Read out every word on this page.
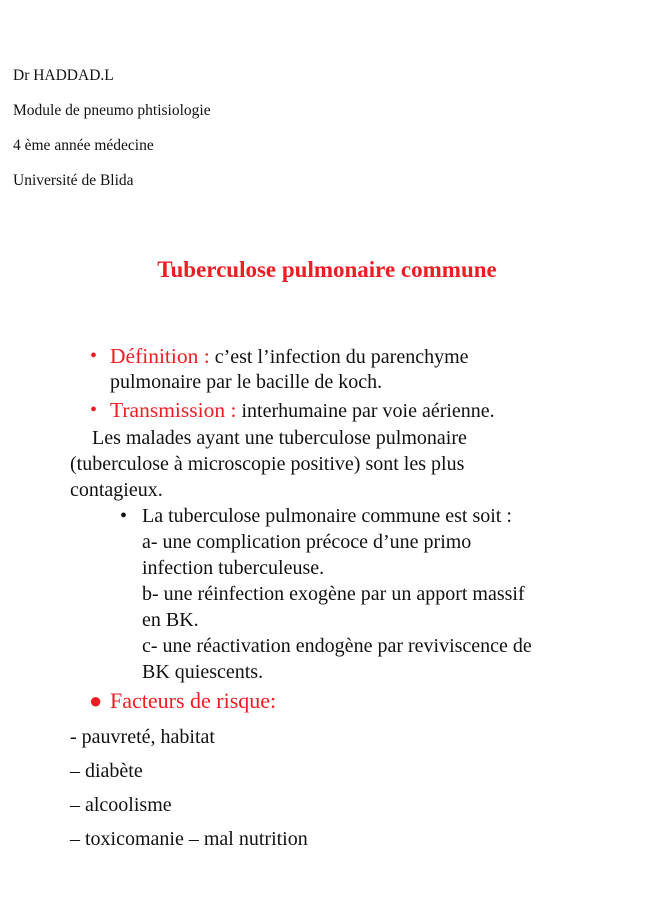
Dr HADDAD.L
Module de pneumo phtisiologie
4 ème année médecine
Université de Blida
Tuberculose pulmonaire commune
• Définition : c’est l’infection du parenchyme
pulmonaire par le bacille de koch.
• Transmission : interhumaine par voie aérienne.
Les malades ayant une tuberculose pulmonaire
(tuberculose à microscopie positive) sont les plus
contagieux.
• La tuberculose pulmonaire commune est soit :
a- une complication précoce d’une primo
infection tuberculeuse.
b- une réinfection exogène par un apport massif
en BK.
c- une réactivation endogène par reviviscence de
BK quiescents.
● Facteurs de risque:
- pauvreté, habitat
– diabète
– alcoolisme
– toxicomanie – mal nutrition
